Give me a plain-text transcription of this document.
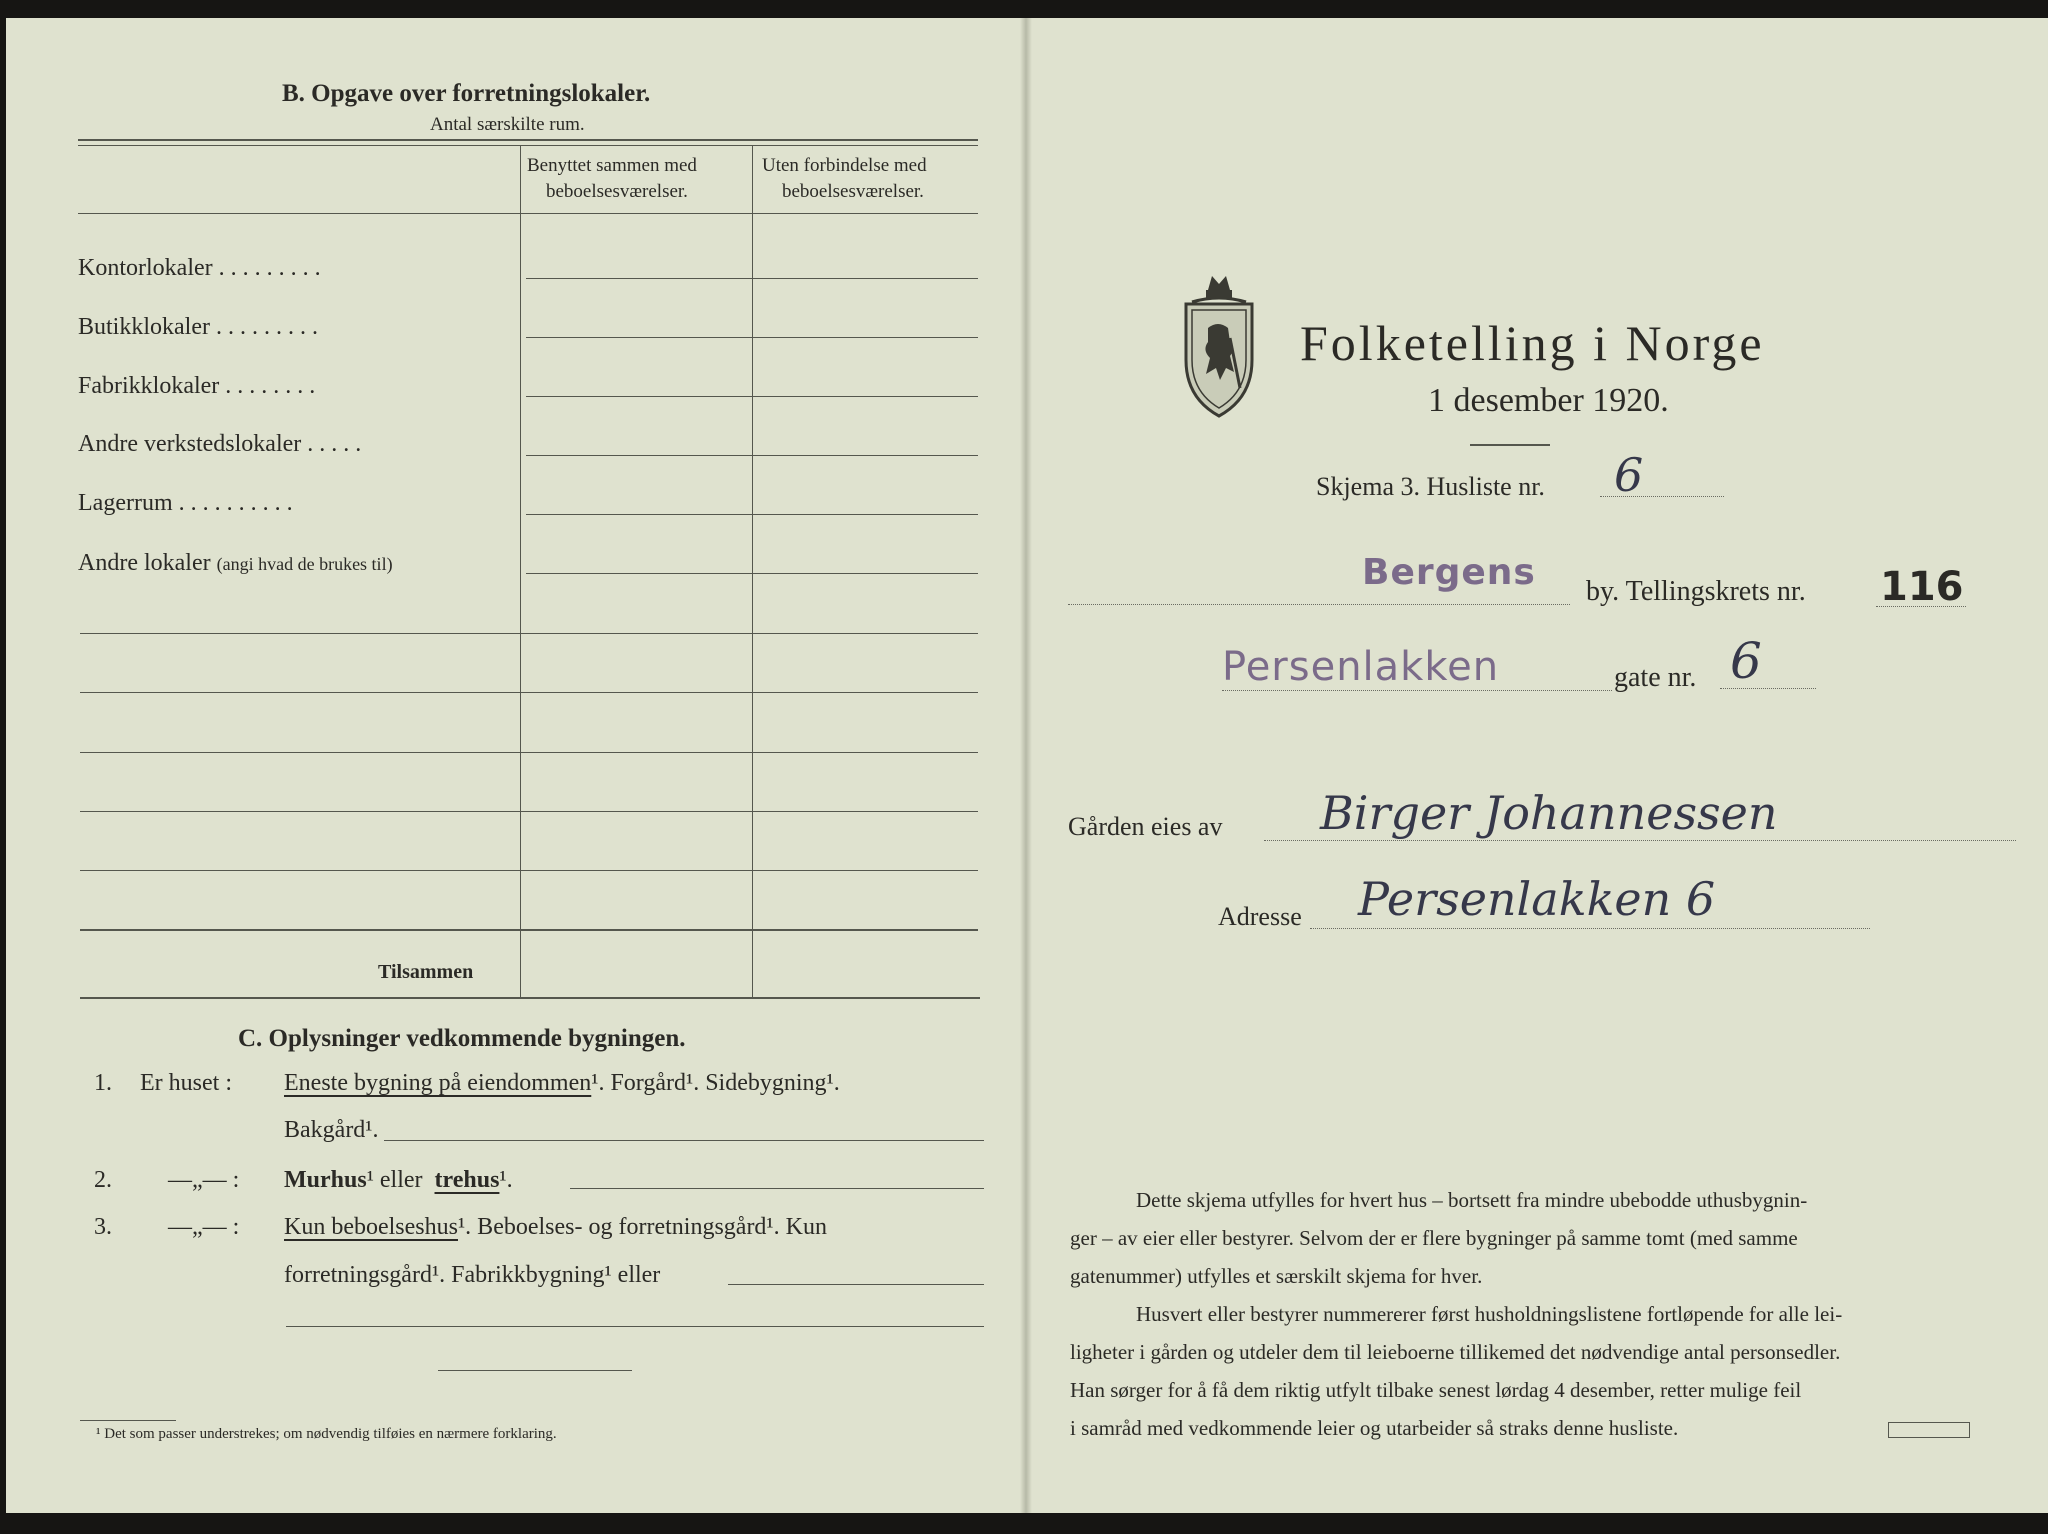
B. Opgave over forretningslokaler.
Antal særskilte rum.
Benyttet sammen med
beboelsesværelser.
Uten forbindelse med
beboelsesværelser.
Kontorlokaler . . . . . . . . .
Butikklokaler . . . . . . . . .
Fabrikklokaler . . . . . . . .
Andre verkstedslokaler . . . . .
Lagerrum . . . . . . . . . .
Andre lokaler (angi hvad de brukes til)
Tilsammen
C. Oplysninger vedkommende bygningen.
1. Er huset : Eneste bygning på eiendommen¹. Forgård¹. Sidebygning¹.
Bakgård¹.
2. —„— : Murhus¹ eller trehus¹.
3. —„— : Kun beboelseshus¹. Beboelses- og forretningsgård¹. Kun
forretningsgård¹. Fabrikkbygning¹ eller
¹ Det som passer understrekes; om nødvendig tilføies en nærmere forklaring.
Folketelling i Norge
1 desember 1920.
Skjema 3. Husliste nr. 6
Bergens by. Tellingskrets nr. 116
Persenlakken	gate nr. 6
Gården eies av Birger Johannessen
Adresse Persenlakken 6
Dette skjema utfylles for hvert hus – bortsett fra mindre ubebodde uthusbygnin-
ger – av eier eller bestyrer. Selvom der er flere bygninger på samme tomt (med samme
gatenummer) utfylles et særskilt skjema for hver.
Husvert eller bestyrer nummererer først husholdningslistene fortløpende for alle lei-
ligheter i gården og utdeler dem til leieboerne tillikemed det nødvendige antal personsedler.
Han sørger for å få dem riktig utfylt tilbake senest lørdag 4 desember, retter mulige feil
i samråd med vedkommende leier og utarbeider så straks denne husliste.
